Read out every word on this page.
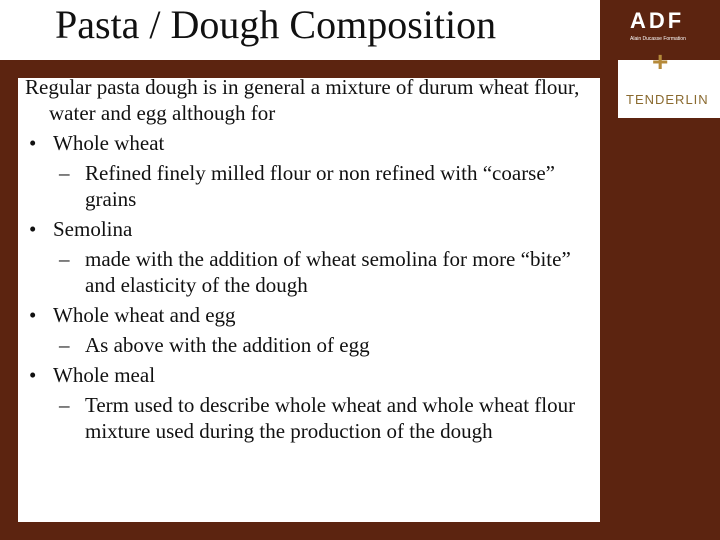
Pasta / Dough Composition
Regular pasta dough is in general a mixture of durum wheat flour, water and egg although for
• Whole wheat
– Refined finely milled flour or non refined with “coarse” grains
• Semolina
– made with the addition of wheat semolina for more “bite” and elasticity of the dough
• Whole wheat and egg
– As above with the addition of egg
• Whole meal
– Term used to describe whole wheat and whole wheat flour mixture used during the production of the dough
ADF
Alain Ducasse Formation
+
TENDERLIN
